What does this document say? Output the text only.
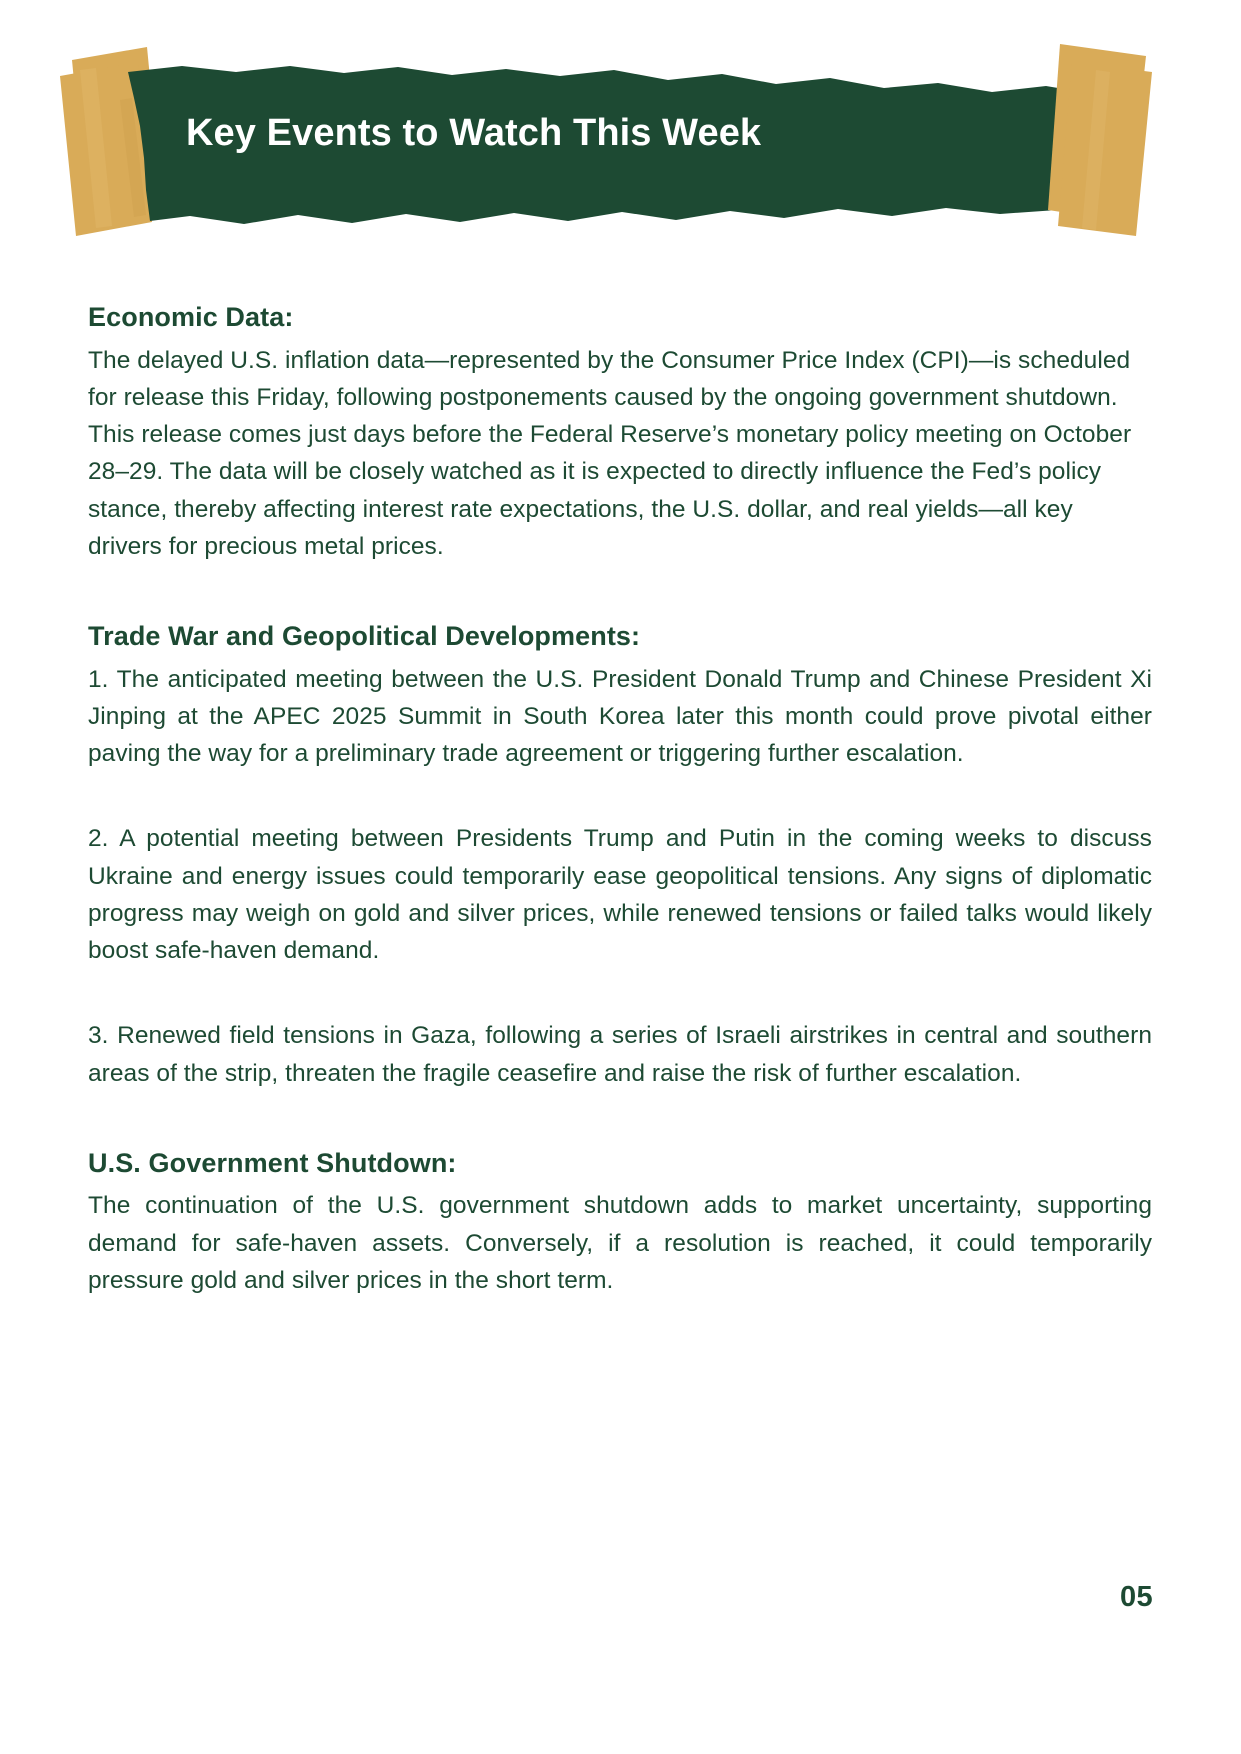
Key Events to Watch This Week
Economic Data:

The delayed U.S. inflation data—represented by the Consumer Price Index (CPI)—is scheduled for release this Friday, following postponements caused by the ongoing government shutdown. This release comes just days before the Federal Reserve’s monetary policy meeting on October 28–29. The data will be closely watched as it is expected to directly influence the Fed’s policy stance, thereby affecting interest rate expectations, the U.S. dollar, and real yields—all key drivers for precious metal prices.

Trade War and Geopolitical Developments:

1. The anticipated meeting between the U.S. President Donald Trump and Chinese President Xi Jinping at the APEC 2025 Summit in South Korea later this month could prove pivotal either paving the way for a preliminary trade agreement or triggering further escalation.

2. A potential meeting between Presidents Trump and Putin in the coming weeks to discuss Ukraine and energy issues could temporarily ease geopolitical tensions. Any signs of diplomatic progress may weigh on gold and silver prices, while renewed tensions or failed talks would likely boost safe-haven demand.

3. Renewed field tensions in Gaza, following a series of Israeli airstrikes in central and southern areas of the strip, threaten the fragile ceasefire and raise the risk of further escalation.

U.S. Government Shutdown:

The continuation of the U.S. government shutdown adds to market uncertainty, supporting demand for safe-haven assets. Conversely, if a resolution is reached, it could temporarily pressure gold and silver prices in the short term.

05
